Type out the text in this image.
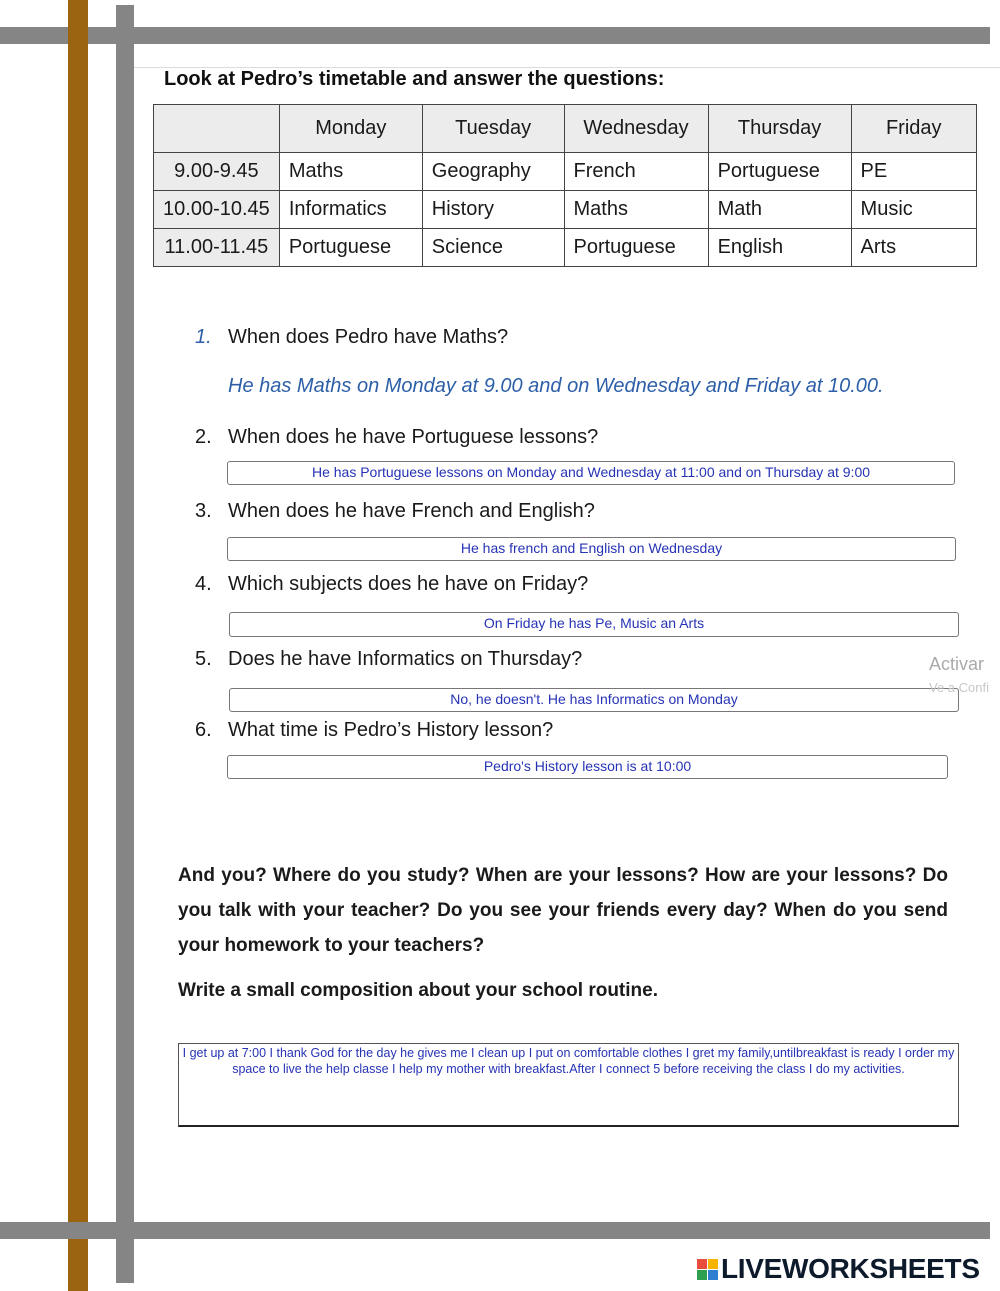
Look at Pedro’s timetable and answer the questions:
	Monday	Tuesday	Wednesday	Thursday	Friday
9.00-9.45	Maths	Geography	French	Portuguese	PE
10.00-10.45	Informatics	History	Maths	Math	Music
11.00-11.45	Portuguese	Science	Portuguese	English	Arts
1. When does Pedro have Maths?
He has Maths on Monday at 9.00 and on Wednesday and Friday at 10.00.
2. When does he have Portuguese lessons?
He has Portuguese lessons on Monday and Wednesday at 11:00 and on Thursday at 9:00
3. When does he have French and English?
He has french and English on Wednesday
4. Which subjects does he have on Friday?
On Friday he has Pe, Music an Arts
5. Does he have Informatics on Thursday?
No, he doesn't. He has Informatics on Monday
6. What time is Pedro’s History lesson?
Pedro's History lesson is at 10:00
Activar
Ve a Confi

And you? Where do you study? When are your lessons? How are your lessons? Do you talk with your teacher? Do you see your friends every day? When do you send your homework to your teachers?

Write a small composition about your school routine.

I get up at 7:00 I thank God for the day he gives me I clean up I put on comfortable clothes I gret my family,untilbreakfast is ready I order my space to live the help classe I help my mother with breakfast.After I connect 5 before receiving the class I do my activities.
LIVEWORKSHEETS
